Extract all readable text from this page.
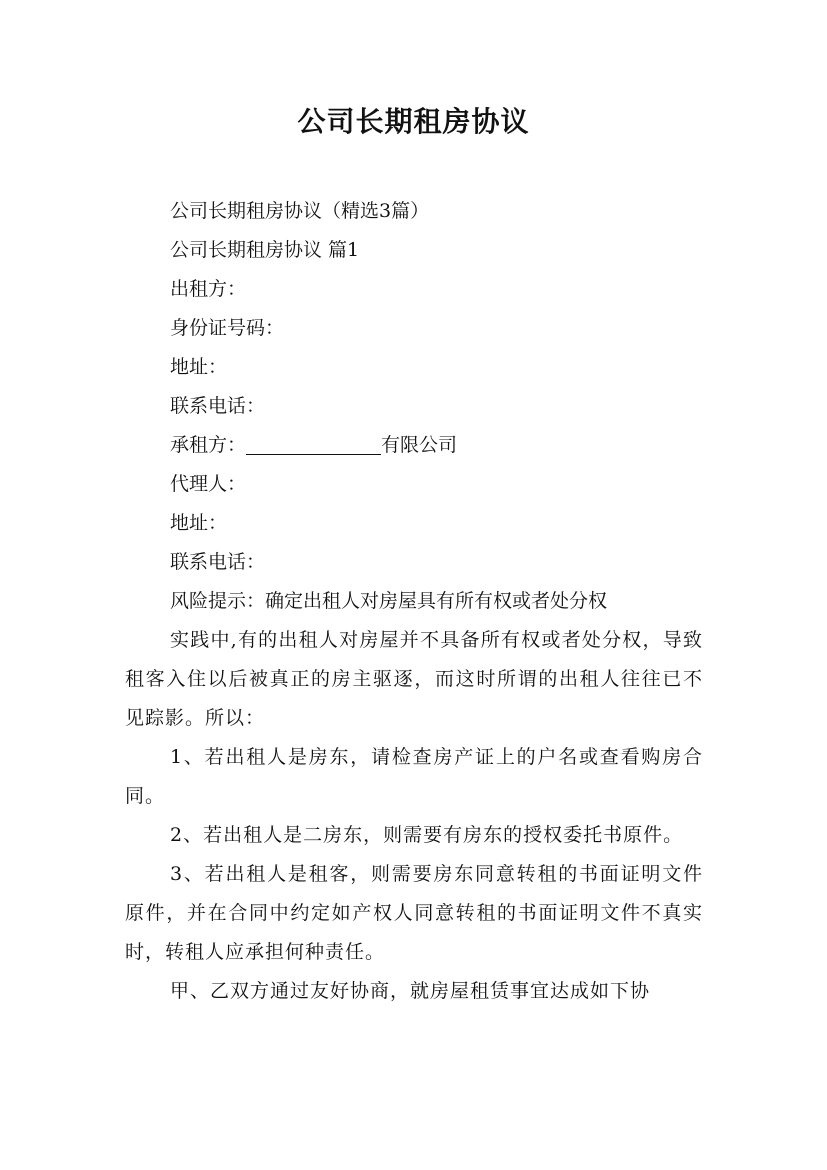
公司长期租房协议
公司长期租房协议（精选3篇）
公司长期租房协议 篇1
出租方：
身份证号码：
地址：
联系电话：
承租方：	有限公司
代理人：
地址：
联系电话：
风险提示：确定出租人对房屋具有所有权或者处分权
实践中,有的出租人对房屋并不具备所有权或者处分权，导致租客入住以后被真正的房主驱逐，而这时所谓的出租人往往已不见踪影。所以：
1、若出租人是房东，请检查房产证上的户名或查看购房合同。
2、若出租人是二房东，则需要有房东的授权委托书原件。
3、若出租人是租客，则需要房东同意转租的书面证明文件原件，并在合同中约定如产权人同意转租的书面证明文件不真实时，转租人应承担何种责任。
甲、乙双方通过友好协商，就房屋租赁事宜达成如下协
